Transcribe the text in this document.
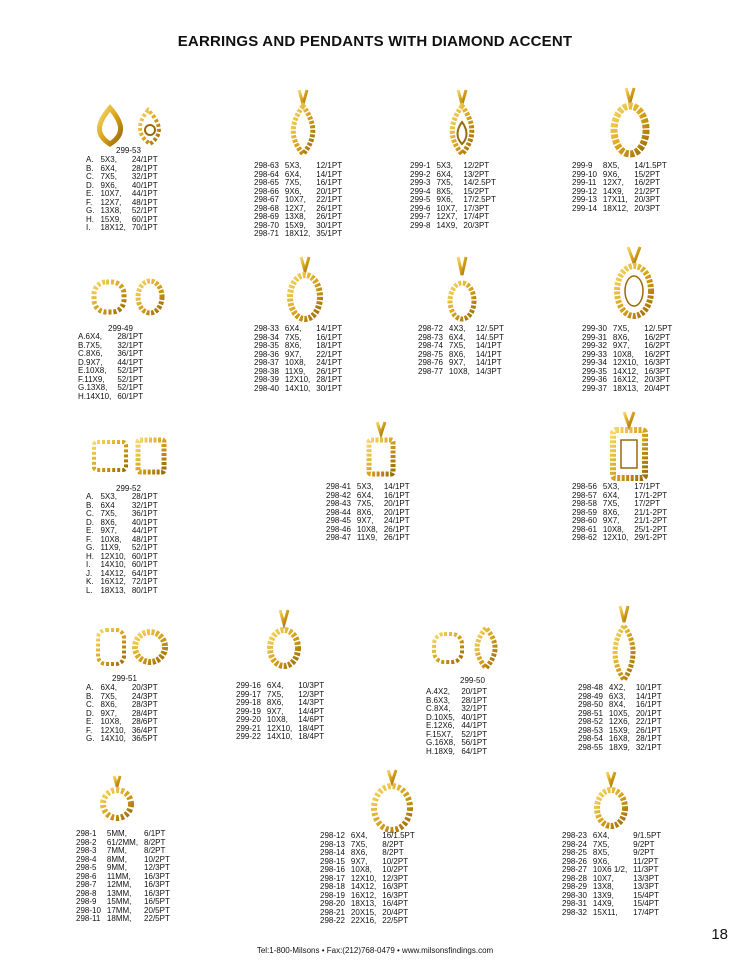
EARRINGS AND PENDANTS WITH DIAMOND ACCENT
299-53
A.	5X3,	24/1PT
B.	6X4,	28/1PT
C.	7X5,	32/1PT
D.	9X6,	40/1PT
E.	10X7,	44/1PT
F.	12X7,	48/1PT
G.	13X8,	52/1PT
H.	15X9,	60/1PT
I.	18X12,	70/1PT
298-63	5X3,	12/1PT
298-64	6X4,	14/1PT
298-65	7X5,	16/1PT
298-66	9X6,	20/1PT
298-67	10X7,	22/1PT
298-68	12X7,	26/1PT
298-69	13X8,	26/1PT
298-70	15X9,	30/1PT
298-71	18X12,	35/1PT
299-1	5X3,	12/2PT
299-2	6X4,	13/2PT
299-3	7X5,	14/2.5PT
299-4	8X5,	15/2PT
299-5	9X6,	17/2.5PT
299-6	10X7,	17/3PT
299-7	12X7,	17/4PT
299-8	14X9,	20/3PT
299-9	8X5,	14/1.5PT
299-10	9X6,	15/2PT
299-11	12X7,	16/2PT
299-12	14X9,	21/2PT
299-13	17X11,	20/3PT
299-14	18X12,	20/3PT
299-49
A.6X4,	28/1PT
B.7X5,	32/1PT
C.8X6,	36/1PT
D.9X7,	44/1PT
E.10X8,	52/1PT
F.11X9,	52/1PT
G.13X8,	52/1PT
H.14X10,	60/1PT
298-33	6X4,	14/1PT
298-34	7X5,	16/1PT
298-35	8X6,	18/1PT
298-36	9X7,	22/1PT
298-37	10X8,	24/1PT
298-38	11X9,	26/1PT
298-39	12X10,	28/1PT
298-40	14X10,	30/1PT
298-72	4X3,	12/.5PT
298-73	6X4,	14/.5PT
298-74	7X5,	14/1PT
298-75	8X6,	14/1PT
298-76	9X7,	14/1PT
298-77	10X8,	14/3PT
299-30	7X5,	12/.5PT
299-31	8X6,	16/2PT
299-32	9X7,	16/2PT
299-33	10X8,	16/2PT
299-34	12X10,	16/3PT
299-35	14X12,	16/3PT
299-36	16X12,	20/3PT
299-37	18X13,	20/4PT
299-52
A.	5X3,	28/1PT
B.	6X4	32/1PT
C.	7X5,	36/1PT
D.	8X6,	40/1PT
E.	9X7,	44/1PT
F.	10X8,	48/1PT
G.	11X9,	52/1PT
H.	12X10,	60/1PT
I.	14X10,	60/1PT
J.	14X12,	64/1PT
K.	16X12,	72/1PT
L.	18X13,	80/1PT
298-41	5X3,	14/1PT
298-42	6X4,	16/1PT
298-43	7X5,	20/1PT
298-44	8X6,	20/1PT
298-45	9X7,	24/1PT
298-46	10X8,	26/1PT
298-47	11X9,	26/1PT
298-56	5X3,	17/1PT
298-57	6X4,	17/1-2PT
298-58	7X5,	17/2PT
298-59	8X6,	21/1-2PT
298-60	9X7,	21/1-2PT
298-61	10X8,	25/1-2PT
298-62	12X10,	29/1-2PT
299-51
A.	6X4,	20/3PT
B.	7X5,	24/3PT
C.	8X6,	28/3PT
D.	9X7,	28/4PT
E.	10X8,	28/6PT
F.	12X10,	36/4PT
G.	14X10,	36/5PT
299-16	6X4,	10/3PT
299-17	7X5,	12/3PT
299-18	8X6,	14/3PT
299-19	9X7,	14/4PT
299-20	10X8,	14/6PT
299-21	12X10,	18/4PT
299-22	14X10,	18/4PT
299-50
A.4X2,	20/1PT
B.6X3,	28/1PT
C.8X4,	32/1PT
D.10X5,	40/1PT
E.12X6,	44/1PT
F.15X7,	52/1PT
G.16X8,	56/1PT
H.18X9,	64/1PT
298-48	4X2,	10/1PT
298-49	6X3,	14/1PT
298-50	8X4,	16/1PT
298-51	10X5,	20/1PT
298-52	12X6,	22/1PT
298-53	15X9,	26/1PT
298-54	16X8,	28/1PT
298-55	18X9,	32/1PT
298-1	5MM,	6/1PT
298-2	61/2MM,	8/2PT
298-3	7MM,	8/2PT
298-4	8MM,	10/2PT
298-5	9MM,	12/3PT
298-6	11MM,	16/3PT
298-7	12MM,	16/3PT
298-8	13MM,	16/3PT
298-9	15MM,	16/5PT
298-10	17MM,	20/5PT
298-11	18MM,	22/5PT
298-12	6X4,	16/1.5PT
298-13	7X5,	8/2PT
298-14	8X6,	8/2PT
298-15	9X7,	10/2PT
298-16	10X8,	10/2PT
298-17	12X10,	12/3PT
298-18	14X12,	16/3PT
298-19	16X12,	16/3PT
298-20	18X13,	16/4PT
298-21	20X15,	20/4PT
298-22	22X16,	22/5PT
298-23	6X4,	9/1.5PT
298-24	7X5,	9/2PT
298-25	8X5,	9/2PT
298-26	9X6,	11/2PT
298-27	10X6 1/2,	11/3PT
298-28	10X7,	13/3PT
298-29	13X8,	13/3PT
298-30	13X9,	15/4PT
298-31	14X9,	15/4PT
298-32	15X11,	17/4PT
Tel:1-800-Milsons • Fax:(212)768-0479 • www.milsonsfindings.com
18
